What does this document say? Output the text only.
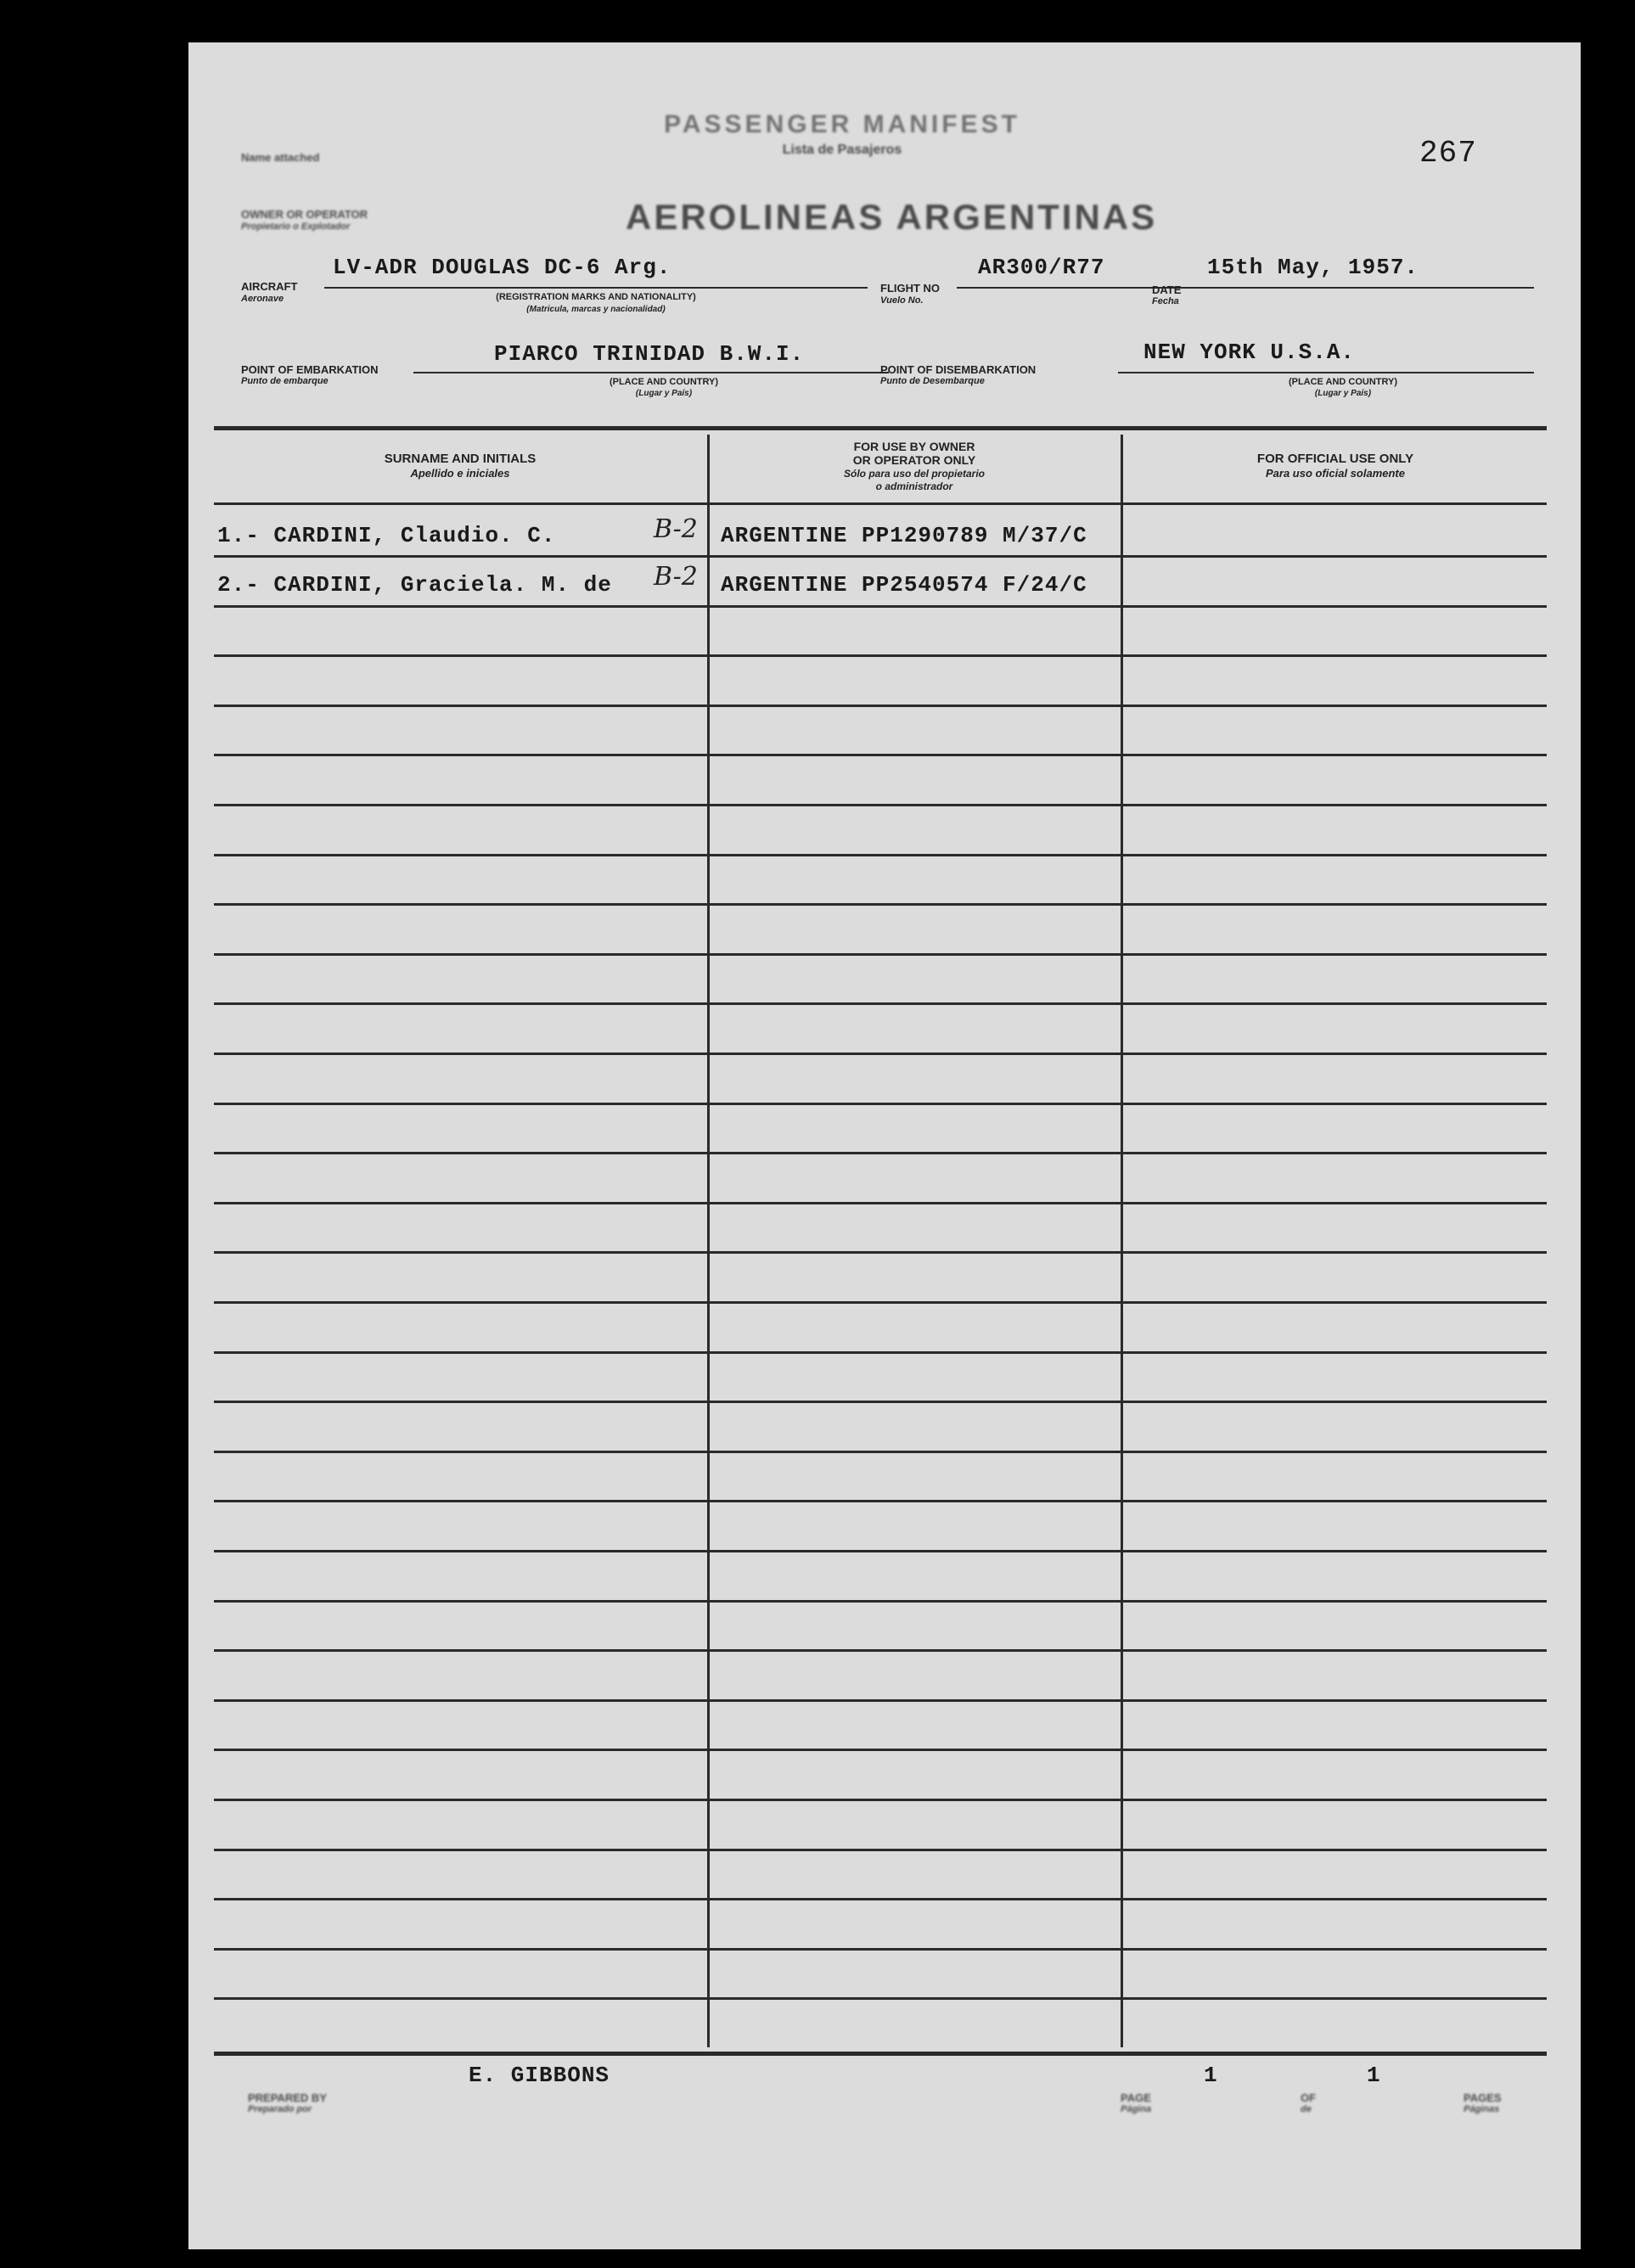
267
PASSENGER MANIFEST
Lista de Pasajeros
Name attached
OWNER OR OPERATOR
Propietario o Explotador	AEROLINEAS ARGENTINAS
AIRCRAFT
Aeronave
LV-ADR DOUGLAS DC-6 Arg.
(REGISTRATION MARKS AND NATIONALITY)
(Matricula, marcas y nacionalidad)
FLIGHT NO
Vuelo No.
AR300/R77
DATE
Fecha
15th May, 1957.
POINT OF EMBARKATION
Punto de embarque
PIARCO TRINIDAD B.W.I.
(PLACE AND COUNTRY)
(Lugar y País)
POINT OF DISEMBARKATION
Punto de Desembarque
NEW YORK U.S.A.
(PLACE AND COUNTRY)
(Lugar y País)
SURNAME AND INITIALS
Apellido e iniciales
FOR USE BY OWNER
OR OPERATOR ONLY
Sólo para uso del propietario
o administrador
FOR OFFICIAL USE ONLY
Para uso oficial solamente
1.- CARDINI, Claudio. C.	B-2 ARGENTINE PP1290789 M/37/C
2.- CARDINI, Graciela. M. de B-2 ARGENTINE PP2540574 F/24/C
PREPARED BY
Preparado por
E. GIBBONS
PAGE
Página
1
OF
de
1
PAGES
Páginas
